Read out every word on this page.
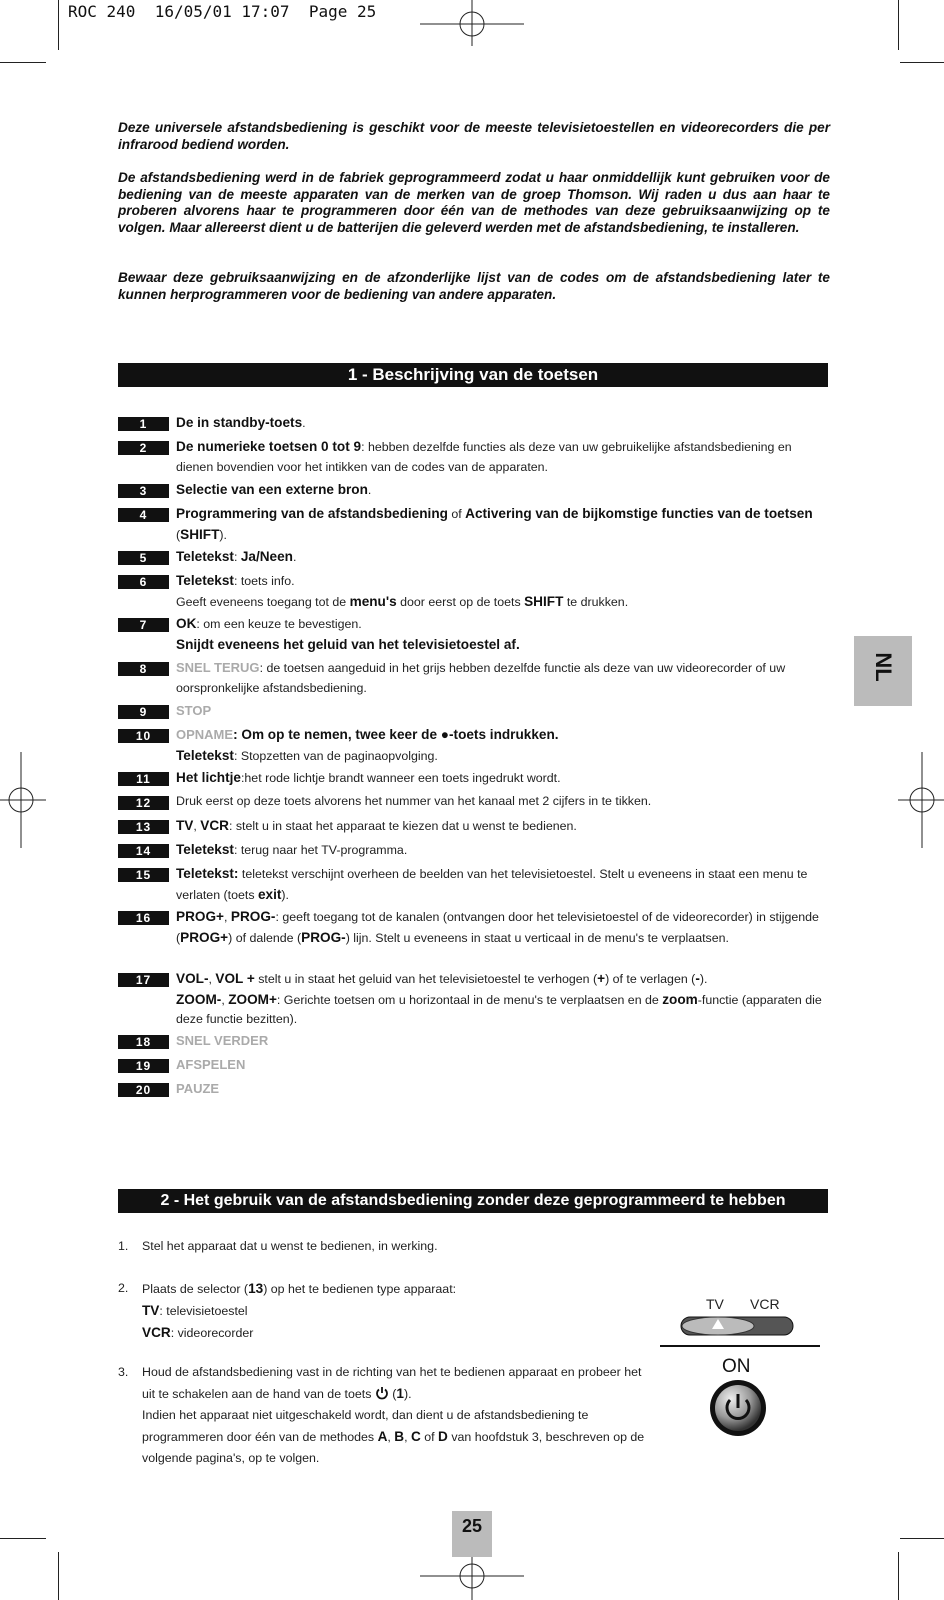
ROC 240  16/05/01 17:07  Page 25
Deze universele afstandsbediening is geschikt voor de meeste televisietoestellen en videorecorders die per infrarood bediend worden.
De afstandsbediening werd in de fabriek geprogrammeerd zodat u haar onmiddellijk kunt gebruiken voor de bediening van de meeste apparaten van de merken van de groep Thomson. Wij raden u dus aan haar te proberen alvorens haar te programmeren door één van de methodes van deze gebruiksaanwijzing op te volgen. Maar allereerst dient u de batterijen die geleverd werden met de afstandsbediening, te installeren.
Bewaar deze gebruiksaanwijzing en de afzonderlijke lijst van de codes om de afstandsbediening later te kunnen herprogrammeren voor de bediening van andere apparaten.
1 - Beschrijving van de toetsen
1	De in standby-toets.
2	De numerieke toetsen 0 tot 9: hebben dezelfde functies als deze van uw gebruikelijke afstandsbediening en dienen bovendien voor het intikken van de codes van de apparaten.
3	Selectie van een externe bron.
4	Programmering van de afstandsbediening of Activering van de bijkomstige functies van de toetsen (SHIFT).
5	Teletekst: Ja/Neen.
6	Teletekst: toets info.
Geeft eveneens toegang tot de menu's door eerst op de toets SHIFT te drukken.
7	OK: om een keuze te bevestigen.
Snijdt eveneens het geluid van het televisietoestel af.
8	SNEL TERUG: de toetsen aangeduid in het grijs hebben dezelfde functie als deze van uw videorecorder of uw oorspronkelijke afstandsbediening.
9	STOP
10	OPNAME: Om op te nemen, twee keer de ●-toets indrukken.
Teletekst: Stopzetten van de paginaopvolging.
11	Het lichtje:het rode lichtje brandt wanneer een toets ingedrukt wordt.
12	Druk eerst op deze toets alvorens het nummer van het kanaal met 2 cijfers in te tikken.
13	TV, VCR: stelt u in staat het apparaat te kiezen dat u wenst te bedienen.
14	Teletekst: terug naar het TV-programma.
15	Teletekst: teletekst verschijnt overheen de beelden van het televisietoestel. Stelt u eveneens in staat een menu te verlaten (toets exit).
16	PROG+, PROG-: geeft toegang tot de kanalen (ontvangen door het televisietoestel of de videorecorder) in stijgende (PROG+) of dalende (PROG-) lijn. Stelt u eveneens in staat u verticaal in de menu's te verplaatsen.
17	VOL-, VOL + stelt u in staat het geluid van het televisietoestel te verhogen (+) of te verlagen (-).
ZOOM-, ZOOM+: Gerichte toetsen om u horizontaal in de menu's te verplaatsen en de zoom-functie (apparaten die deze functie bezitten).
18	SNEL VERDER
19	AFSPELEN
20	PAUZE
NL
2 - Het gebruik van de afstandsbediening zonder deze geprogrammeerd te hebben
1. Stel het apparaat dat u wenst te bedienen, in werking.
2. Plaats de selector (13) op het te bedienen type apparaat:
TV: televisietoestel
VCR: videorecorder
3. Houd de afstandsbediening vast in de richting van het te bedienen apparaat en probeer het uit te schakelen aan de hand van de toets  (1).
Indien het apparaat niet uitgeschakeld wordt, dan dient u de afstandsbediening te programmeren door één van de methodes A, B, C of D van hoofdstuk 3, beschreven op de volgende pagina's, op te volgen.
TV VCR
ON
25
